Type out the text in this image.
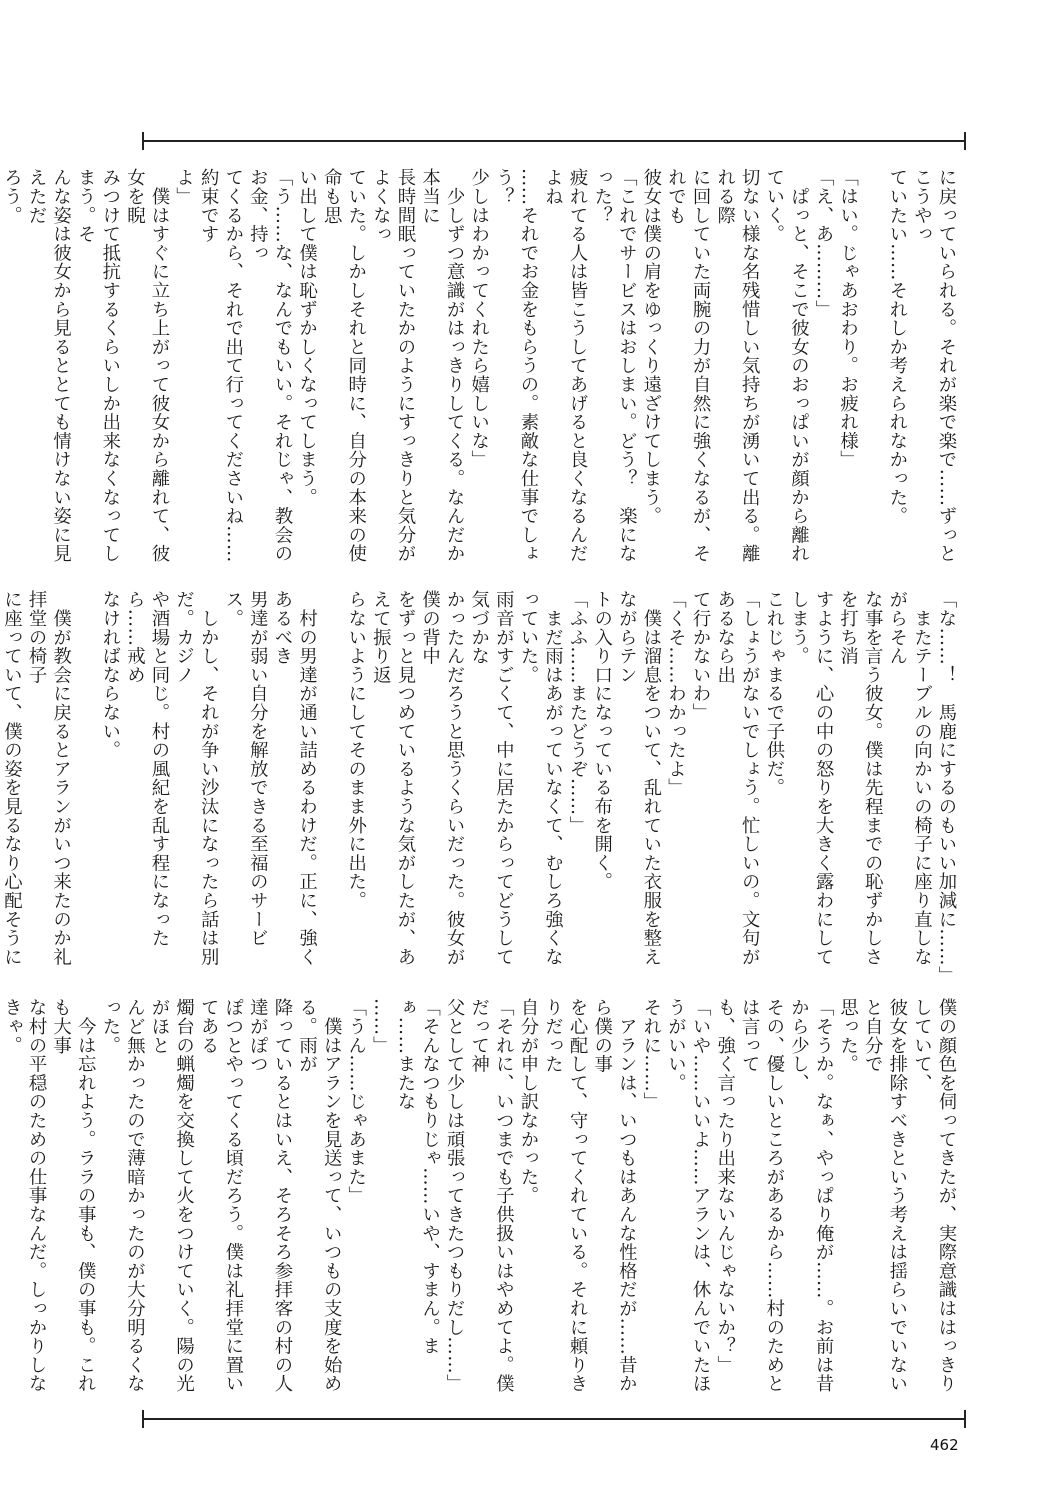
に戻っていられる。それが楽で楽で……ずっとこうやっ

ていたい……それしか考えられなかった。

「はい。じゃあおわり。お疲れ様」

「え、あ………」

　ぱっと、そこで彼女のおっぱいが顔から離れていく。

切ない様な名残惜しい気持ちが湧いて出る。離れる際

に回していた両腕の力が自然に強くなるが、それでも

彼女は僕の肩をゆっくり遠ざけてしまう。

「これでサービスはおしまい。どう？　楽になった？

疲れてる人は皆こうしてあげると良くなるんだよね

……それでお金をもらうの。素敵な仕事でしょう？

少しはわかってくれたら嬉しいな」

　少しずつ意識がはっきりしてくる。なんだか本当に

長時間眠っていたかのようにすっきりと気分がよくなっ

ていた。しかしそれと同時に、自分の本来の使命も思

い出して僕は恥ずかしくなってしまう。

「う……な、なんでもいい。それじゃ、教会のお金、持っ

てくるから、それで出て行ってくださいね……約束です

よ」

　僕はすぐに立ち上がって彼女から離れて、彼女を睨

みつけて抵抗するくらいしか出来なくなってしまう。そ

んな姿は彼女から見るととても情けない姿に見えただ

ろう。

「な……！　馬鹿にするのもいい加減に……」

　またテーブルの向かいの椅子に座り直しながらそん

な事を言う彼女。僕は先程までの恥ずかしさを打ち消

すように、心の中の怒りを大きく露わにしてしまう。

これじゃまるで子供だ。

「しょうがないでしょう。忙しいの。文句があるなら出

て行かないわ」

「くそ……わかったよ」

　僕は溜息をついて、乱れていた衣服を整えながらテン

トの入り口になっている布を開く。

「ふふ……またどうぞ……」

　まだ雨はあがっていなくて、むしろ強くなっていた。

雨音がすごくて、中に居たからってどうして気づかな

かったんだろうと思うくらいだった。彼女が僕の背中

をずっと見つめているような気がしたが、あえて振り返

らないようにしてそのまま外に出た。

　村の男達が通い詰めるわけだ。正に、強くあるべき

男達が弱い自分を解放できる至福のサービス。

　しかし、それが争い沙汰になったら話は別だ。カジノ

や酒場と同じ。村の風紀を乱す程になったら……戒め

なければならない。

　僕が教会に戻るとアランがいつ来たのか礼拝堂の椅子

に座っていて、僕の姿を見るなり心配そうに

僕の顔色を伺ってきたが、実際意識ははっきりしていて、

彼女を排除すべきという考えは揺らいでいないと自分で

思った。

「そうか。なぁ、やっぱり俺が……。お前は昔から少し、

その、優しいところがあるから……村のためとは言って

も、強く言ったり出来ないんじゃないか？」

「いや……いいよ……アランは、休んでいたほうがいい。

それに……」

　アランは、いつもはあんな性格だが……昔から僕の事

を心配して、守ってくれている。それに頼りきりだった

自分が申し訳なかった。

「それに、いつまでも子供扱いはやめてよ。僕だって神

父として少しは頑張ってきたつもりだし……」

「そんなつもりじゃ……いや、すまん。まぁ……またな

……」

「うん……じゃあまた」

　僕はアランを見送って、いつもの支度を始める。雨が

降っているとはいえ、そろそろ参拝客の村の人達がぽつ

ぽつとやってくる頃だろう。僕は礼拝堂に置いてある

燭台の蝋燭を交換して火をつけていく。陽の光がほと

んど無かったので薄暗かったのが大分明るくなった。

　今は忘れよう。ララの事も、僕の事も。これも大事

な村の平穏のための仕事なんだ。しっかりしなきゃ。

462
